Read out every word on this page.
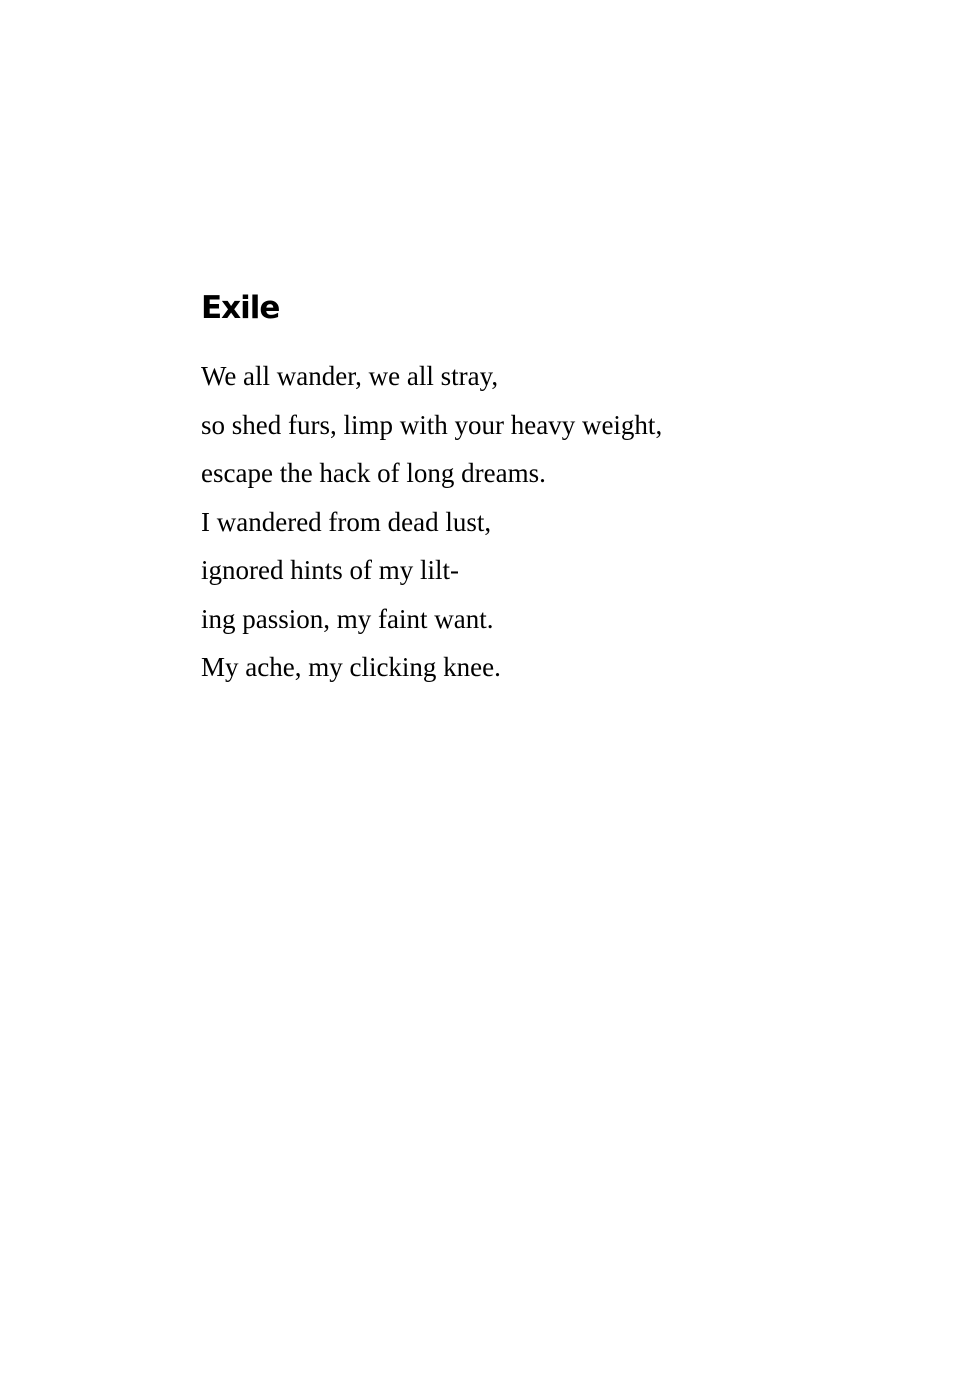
Exile
We all wander, we all stray,
so shed furs, limp with your heavy weight,
escape the hack of long dreams.
I wandered from dead lust,
ignored hints of my lilt-
ing passion, my faint want.
My ache, my clicking knee.
